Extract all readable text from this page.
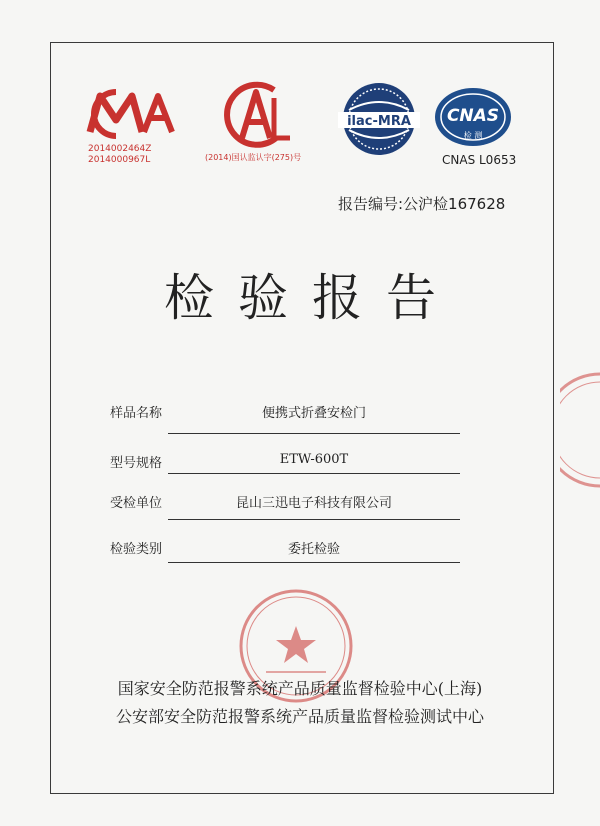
2014002464Z
2014000967L	(2014)国认监认字(275)号
ilac-MRA CNAS
检 测
CNAS L0653
报告编号:公沪检167628
检验报告
样品名称	便携式折叠安检门
型号规格	ETW-600T
受检单位	昆山三迅电子科技有限公司
检验类别	委托检验
国家安全防范报警系统产品质量监督检验中心(上海)
公安部安全防范报警系统产品质量监督检验测试中心
